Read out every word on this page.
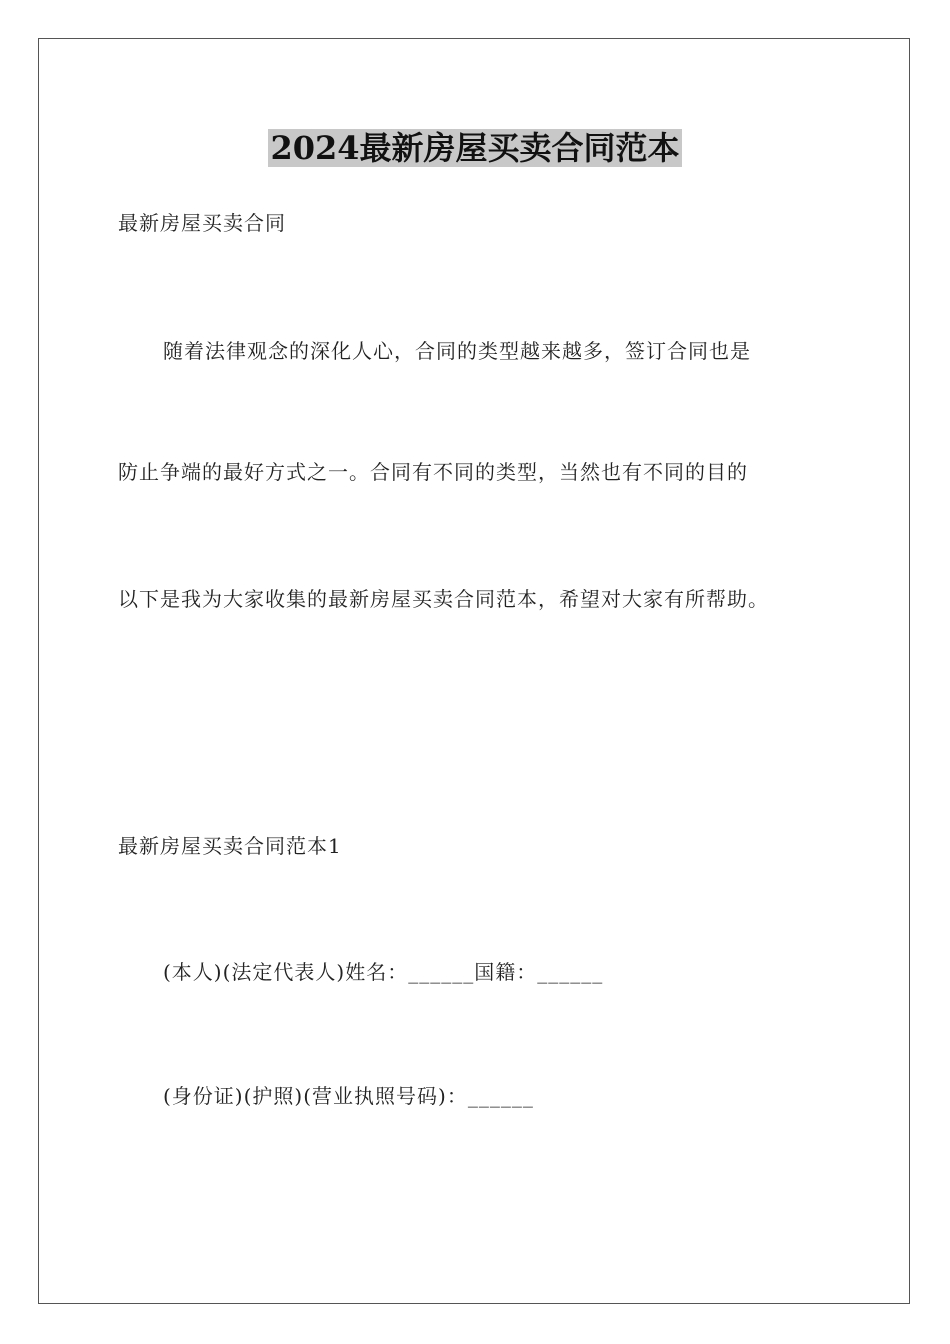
2024最新房屋买卖合同范本
最新房屋买卖合同
随着法律观念的深化人心，合同的类型越来越多，签订合同也是
防止争端的最好方式之一。合同有不同的类型，当然也有不同的目的
以下是我为大家收集的最新房屋买卖合同范本，希望对大家有所帮助。
最新房屋买卖合同范本1
(本人)(法定代表人)姓名：______国籍：______
(身份证)(护照)(营业执照号码)：______
